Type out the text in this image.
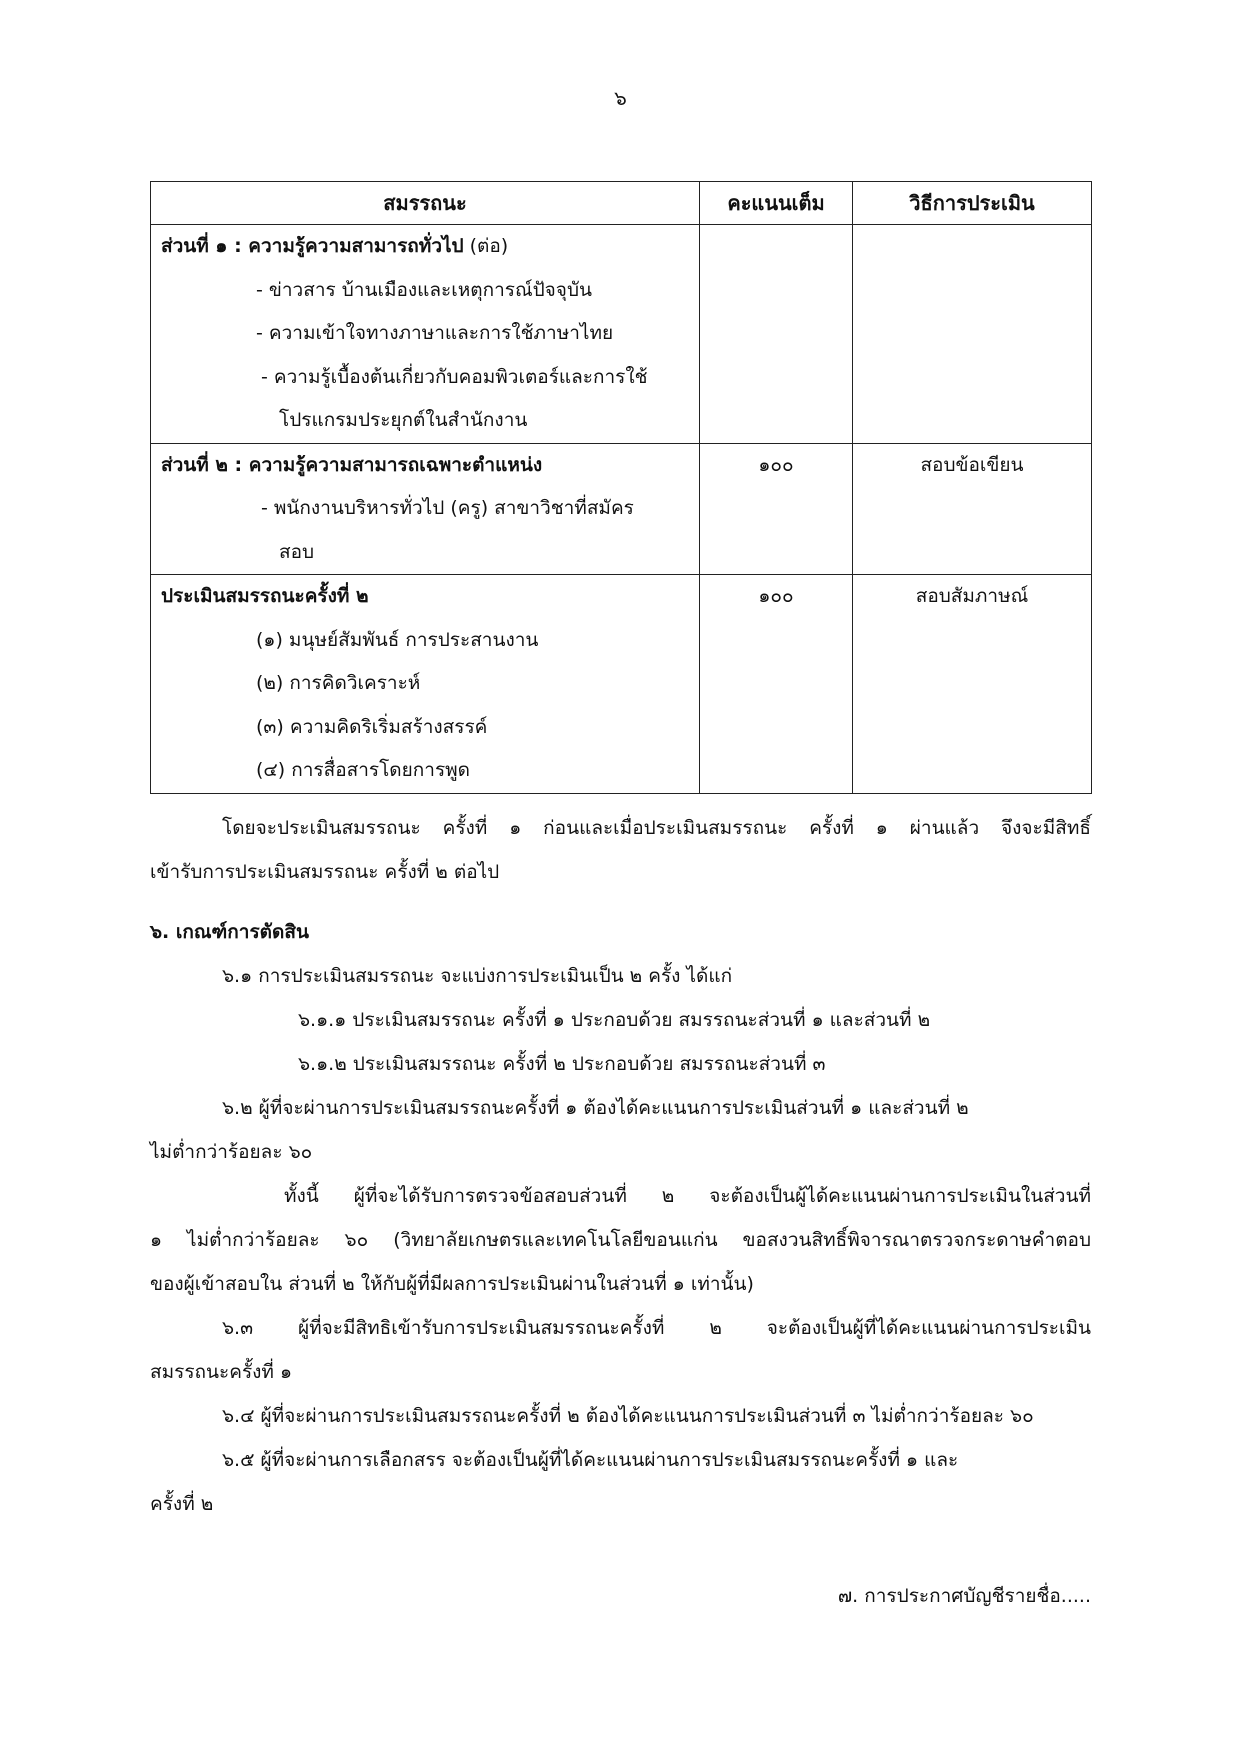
๖
สมรรถนะ	คะแนนเต็ม	วิธีการประเมิน

ส่วนที่ ๑ : ความรู้ความสามารถทั่วไป (ต่อ)
- ข่าวสาร บ้านเมืองและเหตุการณ์ปัจจุบัน
- ความเข้าใจทางภาษาและการใช้ภาษาไทย
- ความรู้เบื้องต้นเกี่ยวกับคอมพิวเตอร์และการใช้
โปรแกรมประยุกต์ในสำนักงาน		

ส่วนที่ ๒ : ความรู้ความสามารถเฉพาะตำแหน่ง
- พนักงานบริหารทั่วไป (ครู) สาขาวิชาที่สมัคร
สอบ	๑๐๐	สอบข้อเขียน

ประเมินสมรรถนะครั้งที่ ๒
(๑) มนุษย์สัมพันธ์ การประสานงาน
(๒) การคิดวิเคราะห์
(๓) ความคิดริเริ่มสร้างสรรค์
(๔) การสื่อสารโดยการพูด	๑๐๐	สอบสัมภาษณ์
โดยจะประเมินสมรรถนะ ครั้งที่ ๑ ก่อนและเมื่อประเมินสมรรถนะ ครั้งที่ ๑ ผ่านแล้ว จึงจะมีสิทธิ์
เข้ารับการประเมินสมรรถนะ ครั้งที่ ๒ ต่อไป
๖. เกณฑ์การตัดสิน
๖.๑ การประเมินสมรรถนะ จะแบ่งการประเมินเป็น ๒ ครั้ง ได้แก่
๖.๑.๑ ประเมินสมรรถนะ ครั้งที่ ๑ ประกอบด้วย สมรรถนะส่วนที่ ๑ และส่วนที่ ๒
๖.๑.๒ ประเมินสมรรถนะ ครั้งที่ ๒ ประกอบด้วย สมรรถนะส่วนที่ ๓
๖.๒ ผู้ที่จะผ่านการประเมินสมรรถนะครั้งที่ ๑ ต้องได้คะแนนการประเมินส่วนที่ ๑ และส่วนที่ ๒
ไม่ต่ำกว่าร้อยละ ๖๐
ทั้งนี้ ผู้ที่จะได้รับการตรวจข้อสอบส่วนที่ ๒ จะต้องเป็นผู้ได้คะแนนผ่านการประเมินในส่วนที่
๑ ไม่ต่ำกว่าร้อยละ ๖๐ (วิทยาลัยเกษตรและเทคโนโลยีขอนแก่น ขอสงวนสิทธิ์พิจารณาตรวจกระดาษคำตอบ
ของผู้เข้าสอบใน ส่วนที่ ๒ ให้กับผู้ที่มีผลการประเมินผ่านในส่วนที่ ๑ เท่านั้น)
๖.๓ ผู้ที่จะมีสิทธิเข้ารับการประเมินสมรรถนะครั้งที่ ๒ จะต้องเป็นผู้ที่ได้คะแนนผ่านการประเมิน
สมรรถนะครั้งที่ ๑
๖.๔ ผู้ที่จะผ่านการประเมินสมรรถนะครั้งที่ ๒ ต้องได้คะแนนการประเมินส่วนที่ ๓ ไม่ต่ำกว่าร้อยละ ๖๐
๖.๕ ผู้ที่จะผ่านการเลือกสรร จะต้องเป็นผู้ที่ได้คะแนนผ่านการประเมินสมรรถนะครั้งที่ ๑ และ
ครั้งที่ ๒
๗. การประกาศบัญชีรายชื่อ.....
